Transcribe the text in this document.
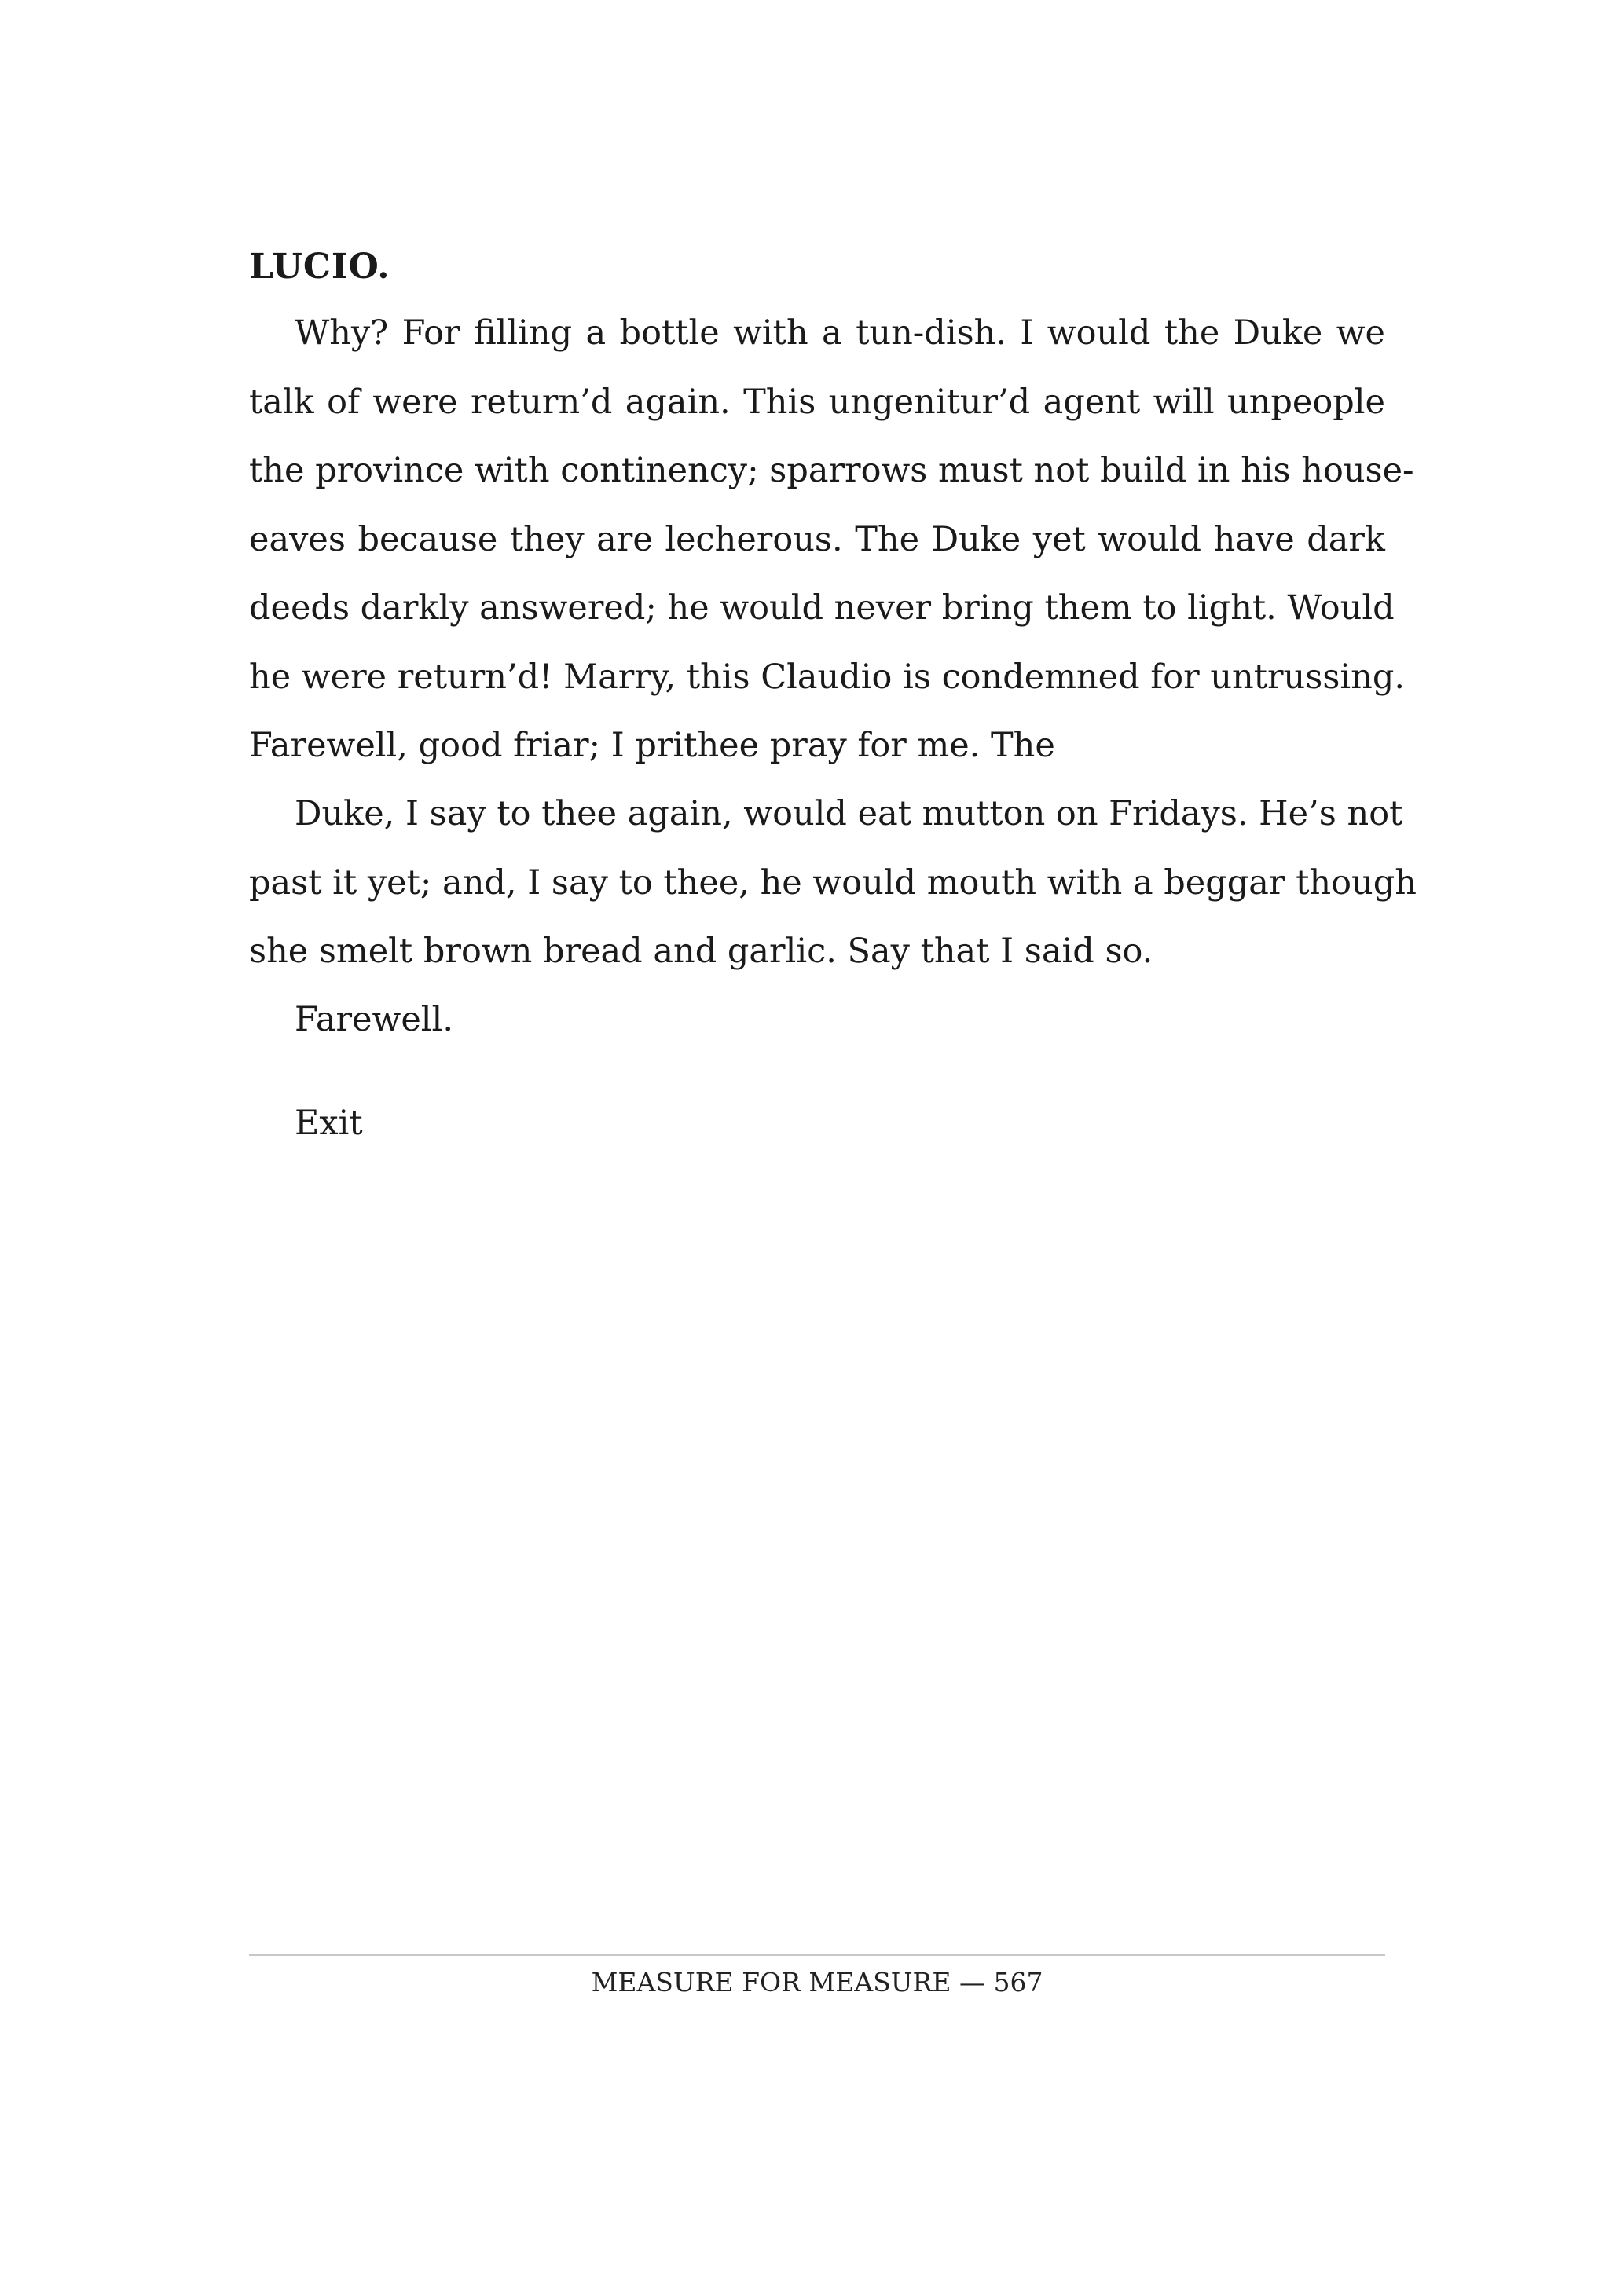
LUCIO.
Why? For filling a bottle with a tun-dish. I would the Duke we
talk of were return’d again. This ungenitur’d agent will unpeople
the province with continency; sparrows must not build in his house-
eaves because they are lecherous. The Duke yet would have dark
deeds darkly answered; he would never bring them to light. Would
he were return’d! Marry, this Claudio is condemned for untrussing.
Farewell, good friar; I prithee pray for me. The
Duke, I say to thee again, would eat mutton on Fridays. He’s not
past it yet; and, I say to thee, he would mouth with a beggar though
she smelt brown bread and garlic. Say that I said so.
Farewell.
Exit
MEASURE FOR MEASURE — 567
